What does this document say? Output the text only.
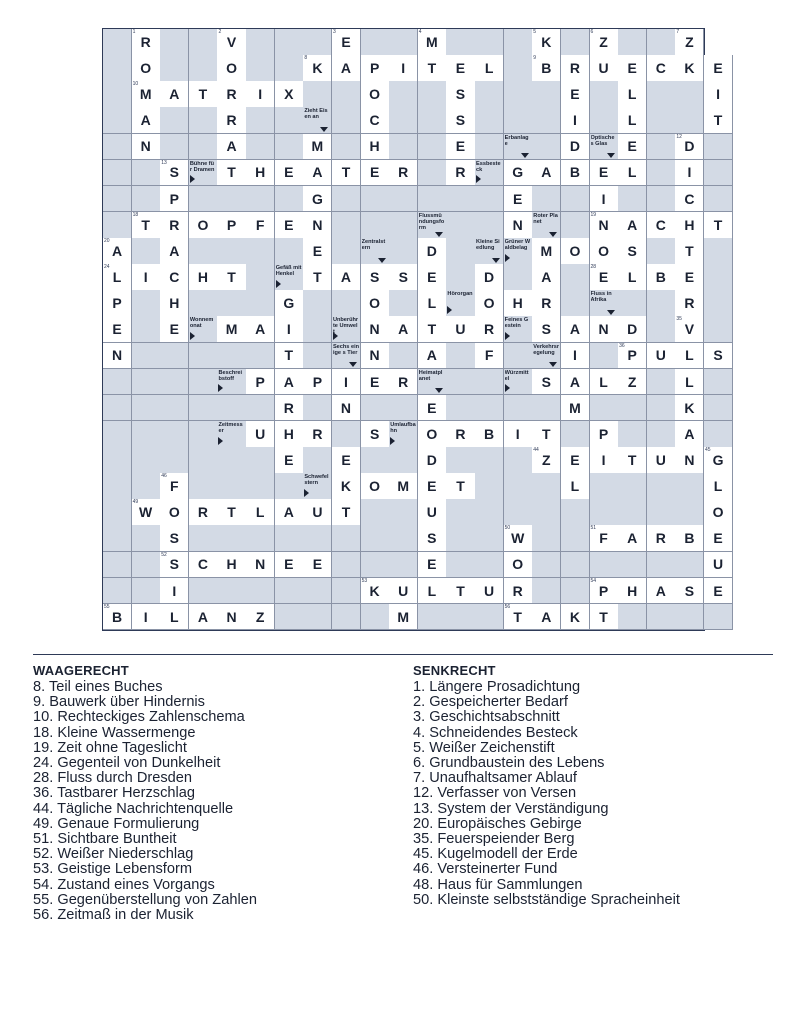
1
R
2
V
3
E
4
M
5
K
6
Z
7
Z
O	O
8
K	A	P	I	T	E	L
9
B	R	U	E	C	K	E
10
M	A	T	R	I	X	O	S	E	L	I
A	R
Zieht Eisen an	C	S	I	L	T
N	A	M	H	E
Erbanlage	D
Optisches Glas	E
12
D
13
S
Bühne für Dramen T	H	E	A	T	E	R	R
Essbesteck	G	A	B	E	L	I
P	G	E	I	C
18
T	R	O	P	F	E	N
Flussmündungsform	N
Roter Planet
19
N	A	C	H	T
20
A	A	E
Zentralstern	D
Kleine Siedlung
Grüner Waldbelag M	O	O	S	T
24
L	I	C	H	T
Gefäß mit Henkel	T	A	S	S	E	D	A
28
E	L	B	E
P	H	G	O	L
Hörorgan
O	H	R
Fluss in Afrika	R
E	E
Wonnemonat	M	A	I
Unberührte Umwelt	N	A	T	U	R
Feines Gestein	S	A	N	D
35
V
N	T
Sechs einige s Tier N	A	F
Verkehrsregelung	I
36
P	U	L	S
Beschreibstoff	P	A	P	I	E	R
Heimatplanet
Würzmittel	S	A	L	Z	L
R	N	E	M	K
Zeitmesser	U	H	R	S
Umlaufbahn	O	R	B	I	T	P	A
E	E	D
44
Z	E	I	T	U	N
45
G
46
F
Schwefelstern	K	O	M	E	T	L	L
49
W	O	R	T	L	A	U	T	U	O
S	S
50
W
51
F	A	R	B	E
52
S	C	H	N	E	E	E	O	U
I
53
K	U	L	T	U	R
54
P	H	A	S	E
55
B	I	L	A	N	Z	M
56
T	A	K	T
WAAGERECHT
8. Teil eines Buches
9. Bauwerk über Hindernis
10. Rechteckiges Zahlenschema
18. Kleine Wassermenge
19. Zeit ohne Tageslicht
24. Gegenteil von Dunkelheit
28. Fluss durch Dresden
36. Tastbarer Herzschlag
44. Tägliche Nachrichtenquelle
49. Genaue Formulierung
51. Sichtbare Buntheit
52. Weißer Niederschlag
53. Geistige Lebensform
54. Zustand eines Vorgangs
55. Gegenüberstellung von Zahlen
56. Zeitmaß in der Musik
SENKRECHT
1. Längere Prosadichtung
2. Gespeicherter Bedarf
3. Geschichtsabschnitt
4. Schneidendes Besteck
5. Weißer Zeichenstift
6. Grundbaustein des Lebens
7. Unaufhaltsamer Ablauf
12. Verfasser von Versen
13. System der Verständigung
20. Europäisches Gebirge
35. Feuerspeiender Berg
45. Kugelmodell der Erde
46. Versteinerter Fund
48. Haus für Sammlungen
50. Kleinste selbstständige Spracheinheit
